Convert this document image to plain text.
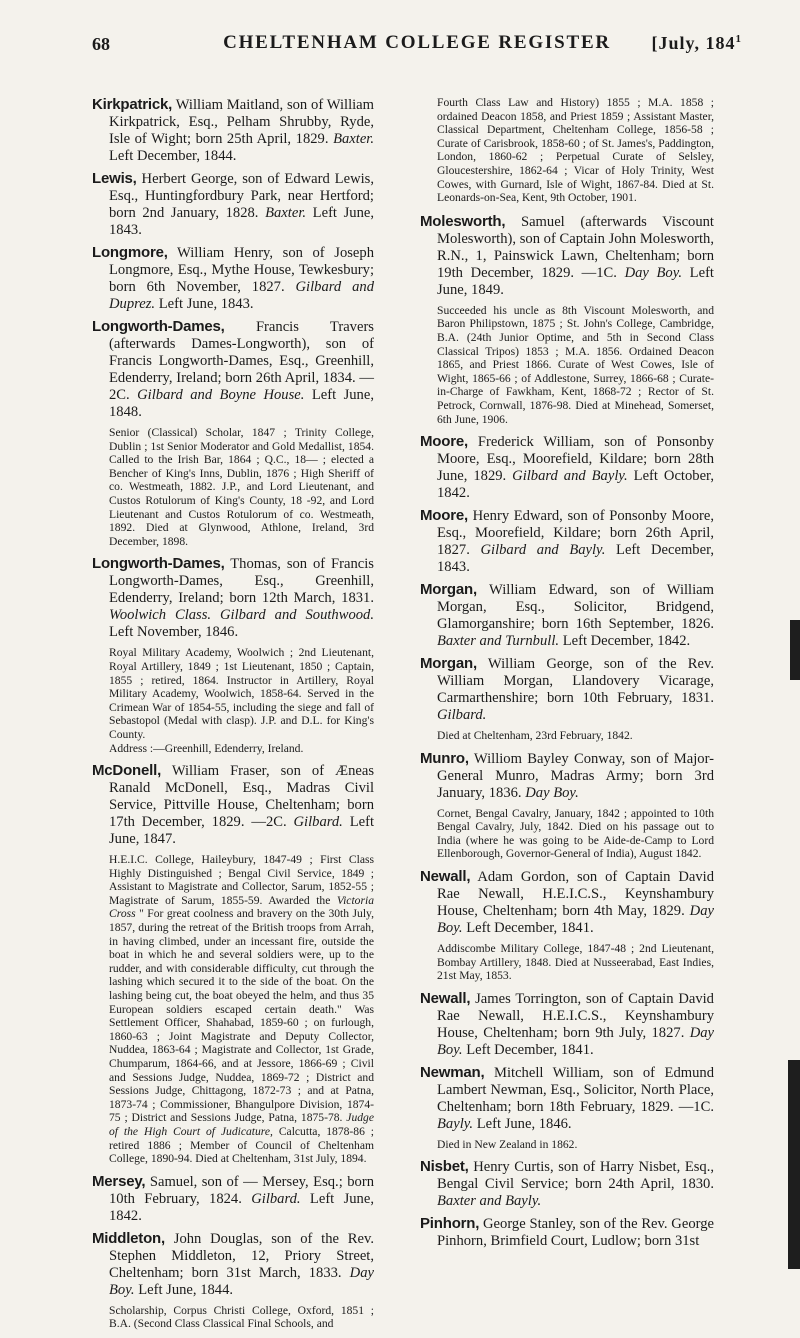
68	CHELTENHAM COLLEGE REGISTER	[July, $184^1$

Kirkpatrick, William Maitland, son of William Kirkpatrick, Esq., Pelham Shrubby, Ryde, Isle of Wight; born 25th April, 1829. Baxter. Left December, 1844.

Lewis, Herbert George, son of Edward Lewis, Esq., Huntingfordbury Park, near Hertford; born 2nd January, 1828. Baxter. Left June, 1843.

Longmore, William Henry, son of Joseph Longmore, Esq., Mythe House, Tewkesbury; born 6th November, 1827. Gilbard and Duprez. Left June, 1843.

Longworth-Dames, Francis Travers (afterwards Dames-Longworth), son of Francis Longworth-Dames, Esq., Greenhill, Edenderry, Ireland; born 26th April, 1834. —2C. Gilbard and Boyne House. Left June, 1848.

Senior (Classical) Scholar, 1847 ; Trinity College, Dublin ; 1st Senior Moderator and Gold Medallist, 1854. Called to the Irish Bar, 1864 ; Q.C., 18— ; elected a Bencher of King's Inns, Dublin, 1876 ; High Sheriff of co. Westmeath, 1882. J.P., and Lord Lieutenant, and Custos Rotulorum of King's County, 18 -92, and Lord Lieutenant and Custos Rotulorum of co. Westmeath, 1892. Died at Glynwood, Athlone, Ireland, 3rd December, 1898.

Longworth-Dames, Thomas, son of Francis Longworth-Dames, Esq., Greenhill, Edenderry, Ireland; born 12th March, 1831. Woolwich Class. Gilbard and Southwood. Left November, 1846.

Royal Military Academy, Woolwich ; 2nd Lieutenant, Royal Artillery, 1849 ; 1st Lieutenant, 1850 ; Captain, 1855 ; retired, 1864. Instructor in Artillery, Royal Military Academy, Woolwich, 1858-64. Served in the Crimean War of 1854-55, including the siege and fall of Sebastopol (Medal with clasp). J.P. and D.L. for King's County.
Address :—Greenhill, Edenderry, Ireland.

McDonell, William Fraser, son of Æneas Ranald McDonell, Esq., Madras Civil Service, Pittville House, Cheltenham; born 17th December, 1829. —2C. Gilbard. Left June, 1847.

H.E.I.C. College, Haileybury, 1847-49 ; First Class Highly Distinguished ; Bengal Civil Service, 1849 ; Assistant to Magistrate and Collector, Sarum, 1852-55 ; Magistrate of Sarum, 1855-59. Awarded the Victoria Cross " For great coolness and bravery on the 30th July, 1857, during the retreat of the British troops from Arrah, in having climbed, under an incessant fire, outside the boat in which he and several soldiers were, up to the rudder, and with considerable difficulty, cut through the lashing which secured it to the side of the boat. On the lashing being cut, the boat obeyed the helm, and thus 35 European soldiers escaped certain death." Was Settlement Officer, Shahabad, 1859-60 ; on furlough, 1860-63 ; Joint Magistrate and Deputy Collector, Nuddea, 1863-64 ; Magistrate and Collector, 1st Grade, Chumparum, 1864-66, and at Jessore, 1866-69 ; Civil and Sessions Judge, Nuddea, 1869-72 ; District and Sessions Judge, Chittagong, 1872-73 ; and at Patna, 1873-74 ; Commissioner, Bhangulpore Division, 1874-75 ; District and Sessions Judge, Patna, 1875-78. Judge of the High Court of Judicature, Calcutta, 1878-86 ; retired 1886 ; Member of Council of Cheltenham College, 1890-94. Died at Cheltenham, 31st July, 1894.

Mersey, Samuel, son of — Mersey, Esq.; born 10th February, 1824. Gilbard. Left June, 1842.

Middleton, John Douglas, son of the Rev. Stephen Middleton, 12, Priory Street, Cheltenham; born 31st March, 1833. Day Boy. Left June, 1844.

Scholarship, Corpus Christi College, Oxford, 1851 ; B.A. (Second Class Classical Final Schools, and

Fourth Class Law and History) 1855 ; M.A. 1858 ; ordained Deacon 1858, and Priest 1859 ; Assistant Master, Classical Department, Cheltenham College, 1856-58 ; Curate of Carisbrook, 1858-60 ; of St. James's, Paddington, London, 1860-62 ; Perpetual Curate of Selsley, Gloucestershire, 1862-64 ; Vicar of Holy Trinity, West Cowes, with Gurnard, Isle of Wight, 1867-84. Died at St. Leonards-on-Sea, Kent, 9th October, 1901.

Molesworth, Samuel (afterwards Viscount Molesworth), son of Captain John Molesworth, R.N., 1, Painswick Lawn, Cheltenham; born 19th December, 1829. —1C. Day Boy. Left June, 1849.

Succeeded his uncle as 8th Viscount Molesworth, and Baron Philipstown, 1875 ; St. John's College, Cambridge, B.A. (24th Junior Optime, and 5th in Second Class Classical Tripos) 1853 ; M.A. 1856. Ordained Deacon 1865, and Priest 1866. Curate of West Cowes, Isle of Wight, 1865-66 ; of Addlestone, Surrey, 1866-68 ; Curate-in-Charge of Fawkham, Kent, 1868-72 ; Rector of St. Petrock, Cornwall, 1876-98. Died at Minehead, Somerset, 6th June, 1906.

Moore, Frederick William, son of Ponsonby Moore, Esq., Moorefield, Kildare; born 28th June, 1829. Gilbard and Bayly. Left October, 1842.

Moore, Henry Edward, son of Ponsonby Moore, Esq., Moorefield, Kildare; born 26th April, 1827. Gilbard and Bayly. Left December, 1843.

Morgan, William Edward, son of William Morgan, Esq., Solicitor, Bridgend, Glamorganshire; born 16th September, 1826. Baxter and Turnbull. Left December, 1842.

Morgan, William George, son of the Rev. William Morgan, Llandovery Vicarage, Carmarthenshire; born 10th February, 1831. Gilbard.

Died at Cheltenham, 23rd February, 1842.

Munro, Williom Bayley Conway, son of Major-General Munro, Madras Army; born 3rd January, 1836. Day Boy.

Cornet, Bengal Cavalry, January, 1842 ; appointed to 10th Bengal Cavalry, July, 1842. Died on his passage out to India (where he was going to be Aide-de-Camp to Lord Ellenborough, Governor-General of India), August 1842.

Newall, Adam Gordon, son of Captain David Rae Newall, H.E.I.C.S., Keynshambury House, Cheltenham; born 4th May, 1829. Day Boy. Left December, 1841.

Addiscombe Military College, 1847-48 ; 2nd Lieutenant, Bombay Artillery, 1848. Died at Nusseerabad, East Indies, 21st May, 1853.

Newall, James Torrington, son of Captain David Rae Newall, H.E.I.C.S., Keynshambury House, Cheltenham; born 9th July, 1827. Day Boy. Left December, 1841.

Newman, Mitchell William, son of Edmund Lambert Newman, Esq., Solicitor, North Place, Cheltenham; born 18th February, 1829. —1C. Bayly. Left June, 1846.

Died in New Zealand in 1862.

Nisbet, Henry Curtis, son of Harry Nisbet, Esq., Bengal Civil Service; born 24th April, 1830. Baxter and Bayly.

Pinhorn, George Stanley, son of the Rev. George Pinhorn, Brimfield Court, Ludlow; born 31st
